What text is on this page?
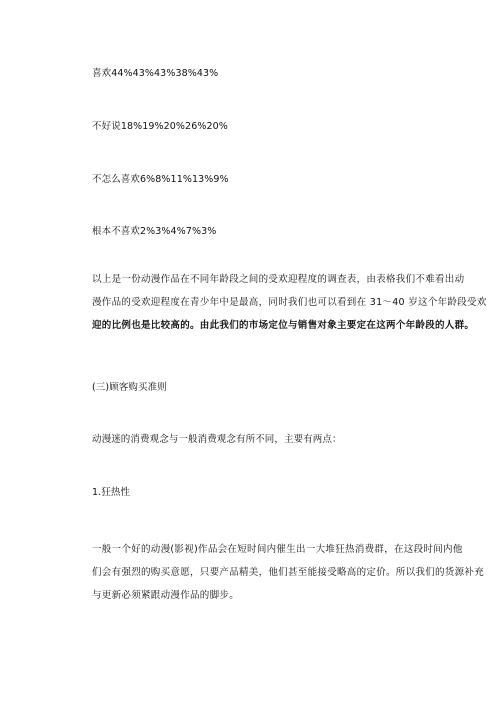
喜欢44%43%43%38%43%
不好说18%19%20%26%20%
不怎么喜欢6%8%11%13%9%
根本不喜欢2%3%4%7%3%

以上是一份动漫作品在不同年龄段之间的受欢迎程度的调查表，由表格我们不难看出动

漫作品的受欢迎程度在青少年中是最高，同时我们也可以看到在 31～40 岁这个年龄段受欢

迎的比例也是比较高的。由此我们的市场定位与销售对象主要定在这两个年龄段的人群。

(三)顾客购买准则
动漫迷的消费观念与一般消费观念有所不同，主要有两点：
1.狂热性

一般一个好的动漫(影视)作品会在短时间内催生出一大堆狂热消费群，在这段时间内他

们会有强烈的购买意愿，只要产品精美，他们甚至能接受略高的定价。所以我们的货源补充

与更新必须紧跟动漫作品的脚步。
